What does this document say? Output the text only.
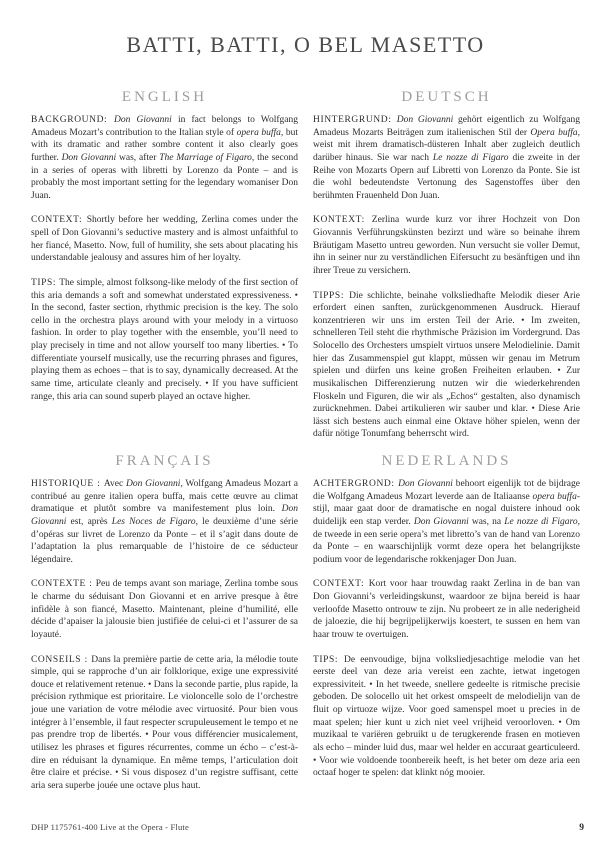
BATTI, BATTI, O BEL MASETTO
ENGLISH

BACKGROUND: Don Giovanni in fact belongs to Wolfgang Amadeus Mozart’s contribution to the Italian style of opera buffa, but with its dramatic and rather sombre content it also clearly goes further. Don Giovanni was, after The Marriage of Figaro, the second in a series of operas with libretti by Lorenzo da Ponte – and is probably the most important setting for the legendary womaniser Don Juan.

CONTEXT: Shortly before her wedding, Zerlina comes under the spell of Don Giovanni’s seductive mastery and is almost unfaithful to her fiancé, Masetto. Now, full of humility, she sets about placating his understandable jealousy and assures him of her loyalty.

TIPS: The simple, almost folksong-like melody of the first section of this aria demands a soft and somewhat understated expressiveness. • In the second, faster section, rhythmic precision is the key. The solo cello in the orchestra plays around with your melody in a virtuoso fashion. In order to play together with the ensemble, you’ll need to play precisely in time and not allow yourself too many liberties. • To differentiate yourself musically, use the recurring phrases and figures, playing them as echoes – that is to say, dynamically decreased. At the same time, articulate cleanly and precisely. • If you have sufficient range, this aria can sound superb played an octave higher.

DEUTSCH

HINTERGRUND: Don Giovanni gehört eigentlich zu Wolfgang Amadeus Mozarts Beiträgen zum italienischen Stil der Opera buffa, weist mit ihrem dramatisch-düsteren Inhalt aber zugleich deutlich darüber hinaus. Sie war nach Le nozze di Figaro die zweite in der Reihe von Mozarts Opern auf Libretti von Lorenzo da Ponte. Sie ist die wohl bedeutendste Vertonung des Sagenstoffes über den berühmten Frauenheld Don Juan.

KONTEXT: Zerlina wurde kurz vor ihrer Hochzeit von Don Giovannis Verführungskünsten bezirzt und wäre so beinahe ihrem Bräutigam Masetto untreu geworden. Nun versucht sie voller Demut, ihn in seiner nur zu verständlichen Eifersucht zu besänftigen und ihn ihrer Treue zu versichern.

TIPPS: Die schlichte, beinahe volksliedhafte Melodik dieser Arie erfordert einen sanften, zurückgenommenen Ausdruck. Hierauf konzentrieren wir uns im ersten Teil der Arie. • Im zweiten, schnelleren Teil steht die rhythmische Präzision im Vordergrund. Das Solocello des Orchesters umspielt virtuos unsere Melodielinie. Damit hier das Zusammenspiel gut klappt, müssen wir genau im Metrum spielen und dürfen uns keine großen Freiheiten erlauben. • Zur musikalischen Differenzierung nutzen wir die wiederkehrenden Floskeln und Figuren, die wir als „Echos“ gestalten, also dynamisch zurücknehmen. Dabei artikulieren wir sauber und klar. • Diese Arie lässt sich bestens auch einmal eine Oktave höher spielen, wenn der dafür nötige Tonumfang beherrscht wird.

FRANÇAIS

HISTORIQUE : Avec Don Giovanni, Wolfgang Amadeus Mozart a contribué au genre italien opera buffa, mais cette œuvre au climat dramatique et plutôt sombre va manifestement plus loin. Don Giovanni est, après Les Noces de Figaro, le deuxième d’une série d’opéras sur livret de Lorenzo da Ponte – et il s’agit dans doute de l’adaptation la plus remarquable de l’histoire de ce séducteur légendaire.

CONTEXTE : Peu de temps avant son mariage, Zerlina tombe sous le charme du séduisant Don Giovanni et en arrive presque à être infidèle à son fiancé, Masetto. Maintenant, pleine d’humilité, elle décide d’apaiser la jalousie bien justifiée de celui-ci et l’assurer de sa loyauté.

CONSEILS : Dans la première partie de cette aria, la mélodie toute simple, qui se rapproche d’un air folklorique, exige une expressivité douce et relativement retenue. • Dans la seconde partie, plus rapide, la précision rythmique est prioritaire. Le violoncelle solo de l’orchestre joue une variation de votre mélodie avec virtuosité. Pour bien vous intégrer à l’ensemble, il faut respecter scrupuleusement le tempo et ne pas prendre trop de libertés. • Pour vous différencier musicalement, utilisez les phrases et figures récurrentes, comme un écho – c’est-à-dire en réduisant la dynamique. En même temps, l’articulation doit être claire et précise. • Si vous disposez d’un registre suffisant, cette aria sera superbe jouée une octave plus haut.

NEDERLANDS

ACHTERGROND: Don Giovanni behoort eigenlijk tot de bijdrage die Wolfgang Amadeus Mozart leverde aan de Italiaanse opera buffa-stijl, maar gaat door de dramatische en nogal duistere inhoud ook duidelijk een stap verder. Don Giovanni was, na Le nozze di Figaro, de tweede in een serie opera’s met libretto’s van de hand van Lorenzo da Ponte – en waarschijnlijk vormt deze opera het belangrijkste podium voor de legendarische rokkenjager Don Juan.

CONTEXT: Kort voor haar trouwdag raakt Zerlina in de ban van Don Giovanni’s verleidingskunst, waardoor ze bijna bereid is haar verloofde Masetto ontrouw te zijn. Nu probeert ze in alle nederigheid de jaloezie, die hij begrijpelijkerwijs koestert, te sussen en hem van haar trouw te overtuigen.

TIPS: De eenvoudige, bijna volksliedjesachtige melodie van het eerste deel van deze aria vereist een zachte, ietwat ingetogen expressiviteit. • In het tweede, snellere gedeelte is ritmische precisie geboden. De solocello uit het orkest omspeelt de melodielijn van de fluit op virtuoze wijze. Voor goed samenspel moet u precies in de maat spelen; hier kunt u zich niet veel vrijheid veroorloven. • Om muzikaal te variëren gebruikt u de terugkerende frasen en motieven als echo – minder luid dus, maar wel helder en accuraat gearticuleerd. • Voor wie voldoende toonbereik heeft, is het beter om deze aria een octaaf hoger te spelen: dat klinkt nóg mooier.

DHP 1175761-400 Live at the Opera - Flute	9
